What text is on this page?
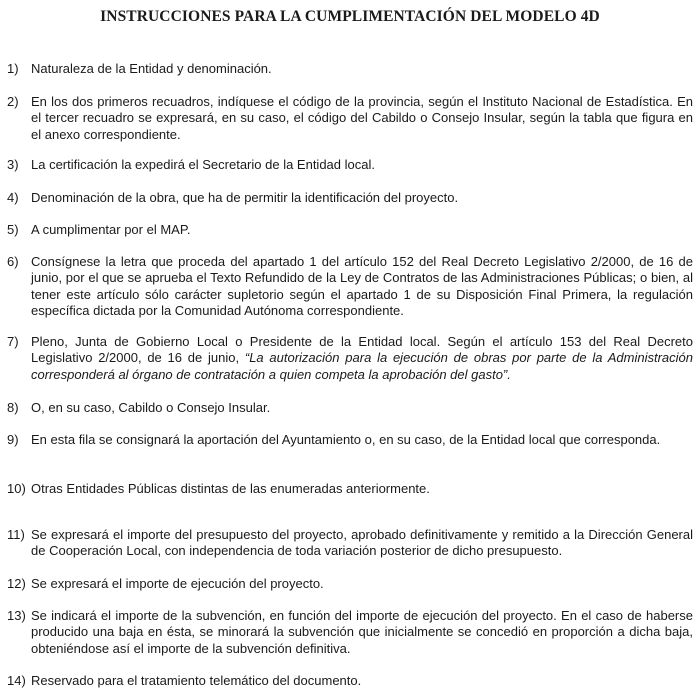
INSTRUCCIONES PARA LA CUMPLIMENTACIÓN DEL MODELO 4D
1) Naturaleza de la Entidad y denominación.
2) En los dos primeros recuadros, indíquese el código de la provincia, según el Instituto Nacional de Estadística. En el tercer recuadro se expresará, en su caso, el código del Cabildo o Consejo Insular, según la tabla que figura en el anexo correspondiente.
3) La certificación la expedirá el Secretario de la Entidad local.
4) Denominación de la obra, que ha de permitir la identificación del proyecto.
5) A cumplimentar por el MAP.
6) Consígnese la letra que proceda del apartado 1 del artículo 152 del Real Decreto Legislativo 2/2000, de 16 de junio, por el que se aprueba el Texto Refundido de la Ley de Contratos de las Administraciones Públicas; o bien, al tener este artículo sólo carácter supletorio según el apartado 1 de su Disposición Final Primera, la regulación específica dictada por la Comunidad Autónoma correspondiente.
7) Pleno, Junta de Gobierno Local o Presidente de la Entidad local. Según el artículo 153 del Real Decreto Legislativo 2/2000, de 16 de junio, “La autorización para la ejecución de obras por parte de la Administración corresponderá al órgano de contratación a quien competa la aprobación del gasto”.
8) O, en su caso, Cabildo o Consejo Insular.
9) En esta fila se consignará la aportación del Ayuntamiento o, en su caso, de la Entidad local que corresponda.
10) Otras Entidades Públicas distintas de las enumeradas anteriormente.
11) Se expresará el importe del presupuesto del proyecto, aprobado definitivamente y remitido a la Dirección General de Cooperación Local, con independencia de toda variación posterior de dicho presupuesto.
12) Se expresará el importe de ejecución del proyecto.
13) Se indicará el importe de la subvención, en función del importe de ejecución del proyecto. En el caso de haberse producido una baja en ésta, se minorará la subvención que inicialmente se concedió en proporción a dicha baja, obteniéndose así el importe de la subvención definitiva.
14) Reservado para el tratamiento telemático del documento.
